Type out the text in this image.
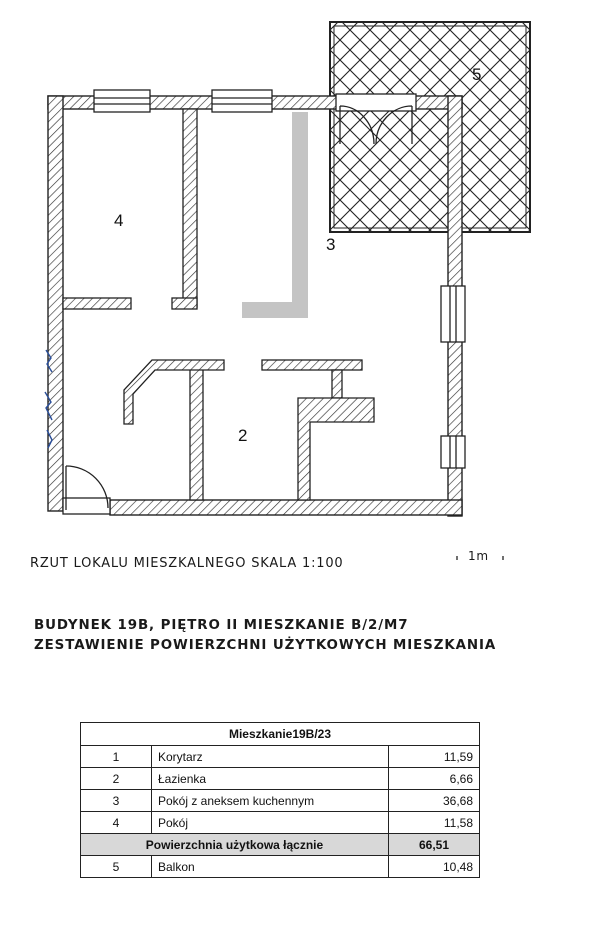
4
3
2
5
RZUT LOKALU MIESZKALNEGO SKALA 1:100	1m
BUDYNEK 19B, PIĘTRO II MIESZKANIE B/2/M7
ZESTAWIENIE POWIERZCHNI UŻYTKOWYCH MIESZKANIA
Mieszkanie19B/23		
1	Korytarz	11,59
2	Łazienka	6,66
3	Pokój z aneksem kuchennym	36,68
4	Pokój	11,58
Powierzchnia użytkowa łącznie		66,51
5	Balkon	10,48
